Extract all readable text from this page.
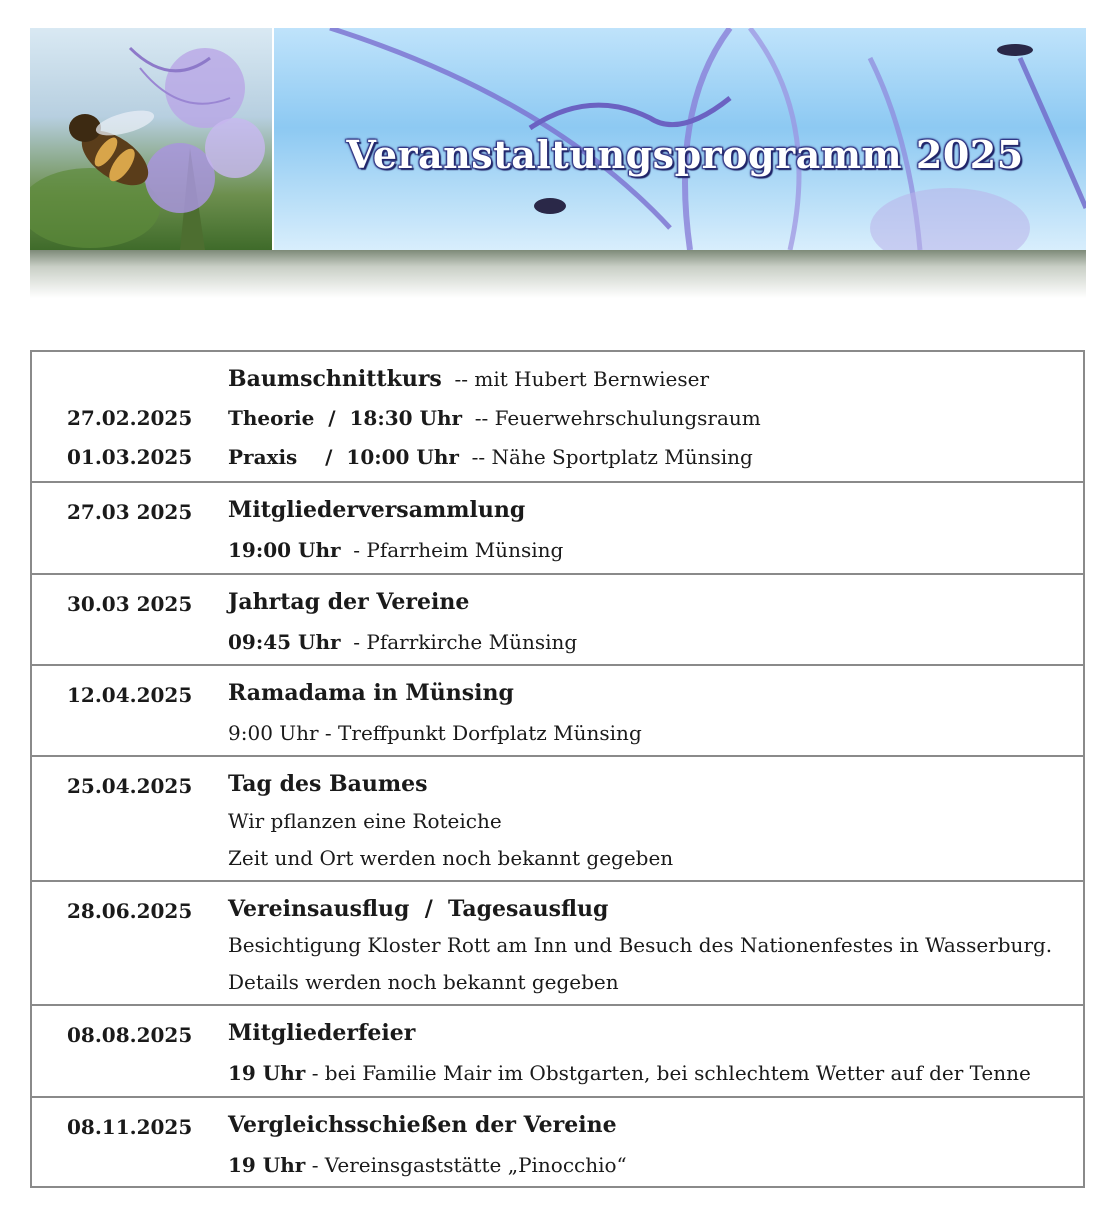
Veranstaltungsprogramm 2025
Baumschnittkurs -- mit Hubert Bernwieser
27.02.2025 Theorie  /  18:30 Uhr -- Feuerwehrschulungsraum
01.03.2025 Praxis    /  10:00 Uhr -- Nähe Sportplatz Münsing
27.03 2025 Mitgliederversammlung
19:00 Uhr - Pfarrheim Münsing
30.03 2025 Jahrtag der Vereine
09:45 Uhr - Pfarrkirche Münsing
12.04.2025 Ramadama in Münsing
9:00 Uhr - Treffpunkt Dorfplatz Münsing
25.04.2025 Tag des Baumes
Wir pflanzen eine Roteiche
Zeit und Ort werden noch bekannt gegeben
28.06.2025 Vereinsausflug  /  Tagesausflug
Besichtigung Kloster Rott am Inn und Besuch des Nationenfestes in Wasserburg.
Details werden noch bekannt gegeben
08.08.2025 Mitgliederfeier
19 Uhr - bei Familie Mair im Obstgarten, bei schlechtem Wetter auf der Tenne
08.11.2025 Vergleichsschießen der Vereine
19 Uhr - Vereinsgaststätte „Pinocchio“
